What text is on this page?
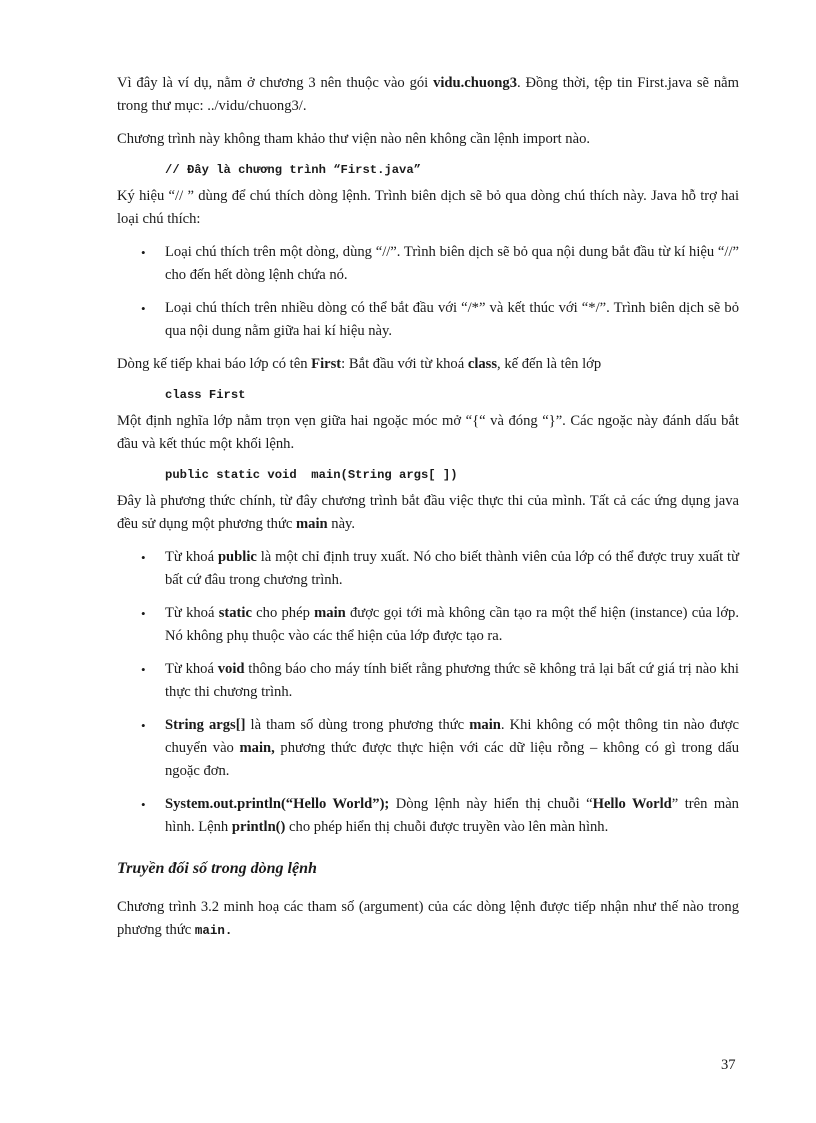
Vì đây là ví dụ, nằm ở chương 3 nên thuộc vào gói vidu.chuong3. Đồng thời, tệp tin First.java sẽ nằm trong thư mục: ../vidu/chuong3/.

Chương trình này không tham khảo thư viện nào nên không cần lệnh import nào.

// Đây là chương trình “First.java”

Ký hiệu “// ” dùng để chú thích dòng lệnh. Trình biên dịch sẽ bỏ qua dòng chú thích này. Java hỗ trợ hai loại chú thích:

• Loại chú thích trên một dòng, dùng “//”. Trình biên dịch sẽ bỏ qua nội dung bắt đầu từ kí hiệu “//” cho đến hết dòng lệnh chứa nó.
• Loại chú thích trên nhiều dòng có thể bắt đầu với “/*” và kết thúc với “*/”. Trình biên dịch sẽ bỏ qua nội dung nằm giữa hai kí hiệu này.

Dòng kế tiếp khai báo lớp có tên First: Bắt đầu với từ khoá class, kế đến là tên lớp

class First

Một định nghĩa lớp nằm trọn vẹn giữa hai ngoặc móc mở “{“ và đóng “}”. Các ngoặc này đánh dấu bắt đầu và kết thúc một khối lệnh.

public static void  main(String args[ ])

Đây là phương thức chính, từ đây chương trình bắt đầu việc thực thi của mình. Tất cả các ứng dụng java đều sử dụng một phương thức main này.

• Từ khoá public là một chỉ định truy xuất. Nó cho biết thành viên của lớp có thể được truy xuất từ bất cứ đâu trong chương trình.
• Từ khoá static cho phép main được gọi tới mà không cần tạo ra một thể hiện (instance) của lớp. Nó không phụ thuộc vào các thể hiện của lớp được tạo ra.
• Từ khoá void thông báo cho máy tính biết rằng phương thức sẽ không trả lại bất cứ giá trị nào khi thực thi chương trình.
• String args[] là tham số dùng trong phương thức main. Khi không có một thông tin nào được chuyển vào main, phương thức được thực hiện với các dữ liệu rỗng – không có gì trong dấu ngoặc đơn.
• System.out.println(“Hello World”); Dòng lệnh này hiển thị chuỗi “Hello World” trên màn hình. Lệnh println() cho phép hiển thị chuỗi được truyền vào lên màn hình.
Truyền đối số trong dòng lệnh

Chương trình 3.2 minh hoạ các tham số (argument) của các dòng lệnh được tiếp nhận như thế nào trong phương thức main.

37
